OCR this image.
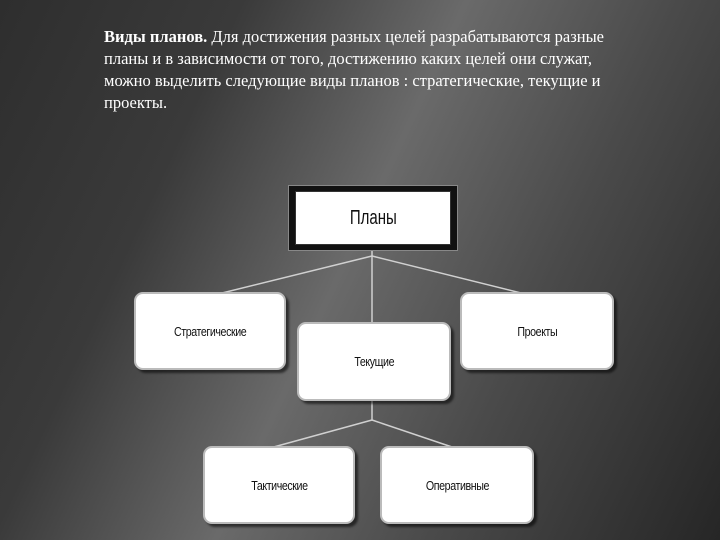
Виды планов. Для достижения разных целей разрабатываются разные планы и в зависимости от того, достижению каких целей они служат, можно выделить следующие виды планов : стратегические, текущие и проекты.
Планы
Стратегические	Проекты
Текущие
Тактические	Оперативные
